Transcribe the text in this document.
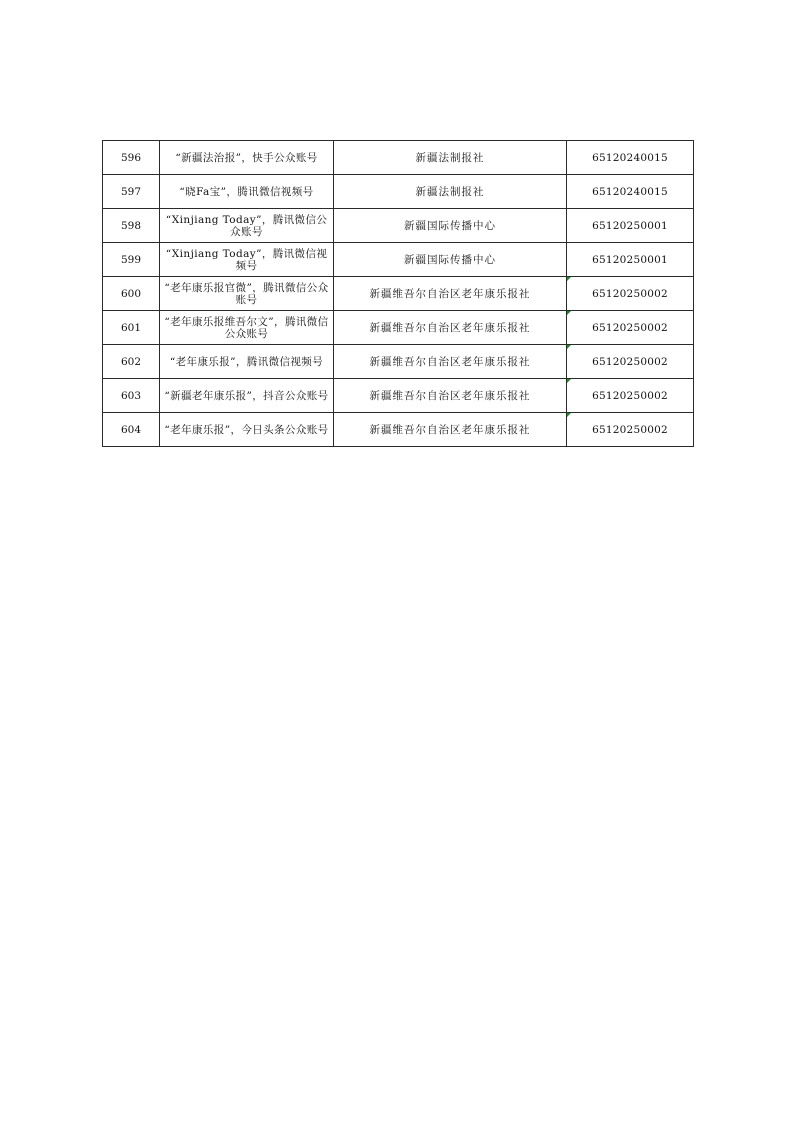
596	“新疆法治报”，快手公众账号	新疆法制报社	65120240015
597	“晓Fa宝”，腾讯微信视频号	新疆法制报社	65120240015
598	“Xinjiang Today”，腾讯微信公众账号	新疆国际传播中心	65120250001
599	“Xinjiang Today”，腾讯微信视频号	新疆国际传播中心	65120250001
600	“老年康乐报官微”，腾讯微信公众账号	新疆维吾尔自治区老年康乐报社	65120250002
601	“老年康乐报维吾尔文”，腾讯微信公众账号	新疆维吾尔自治区老年康乐报社	65120250002
602	“老年康乐报”，腾讯微信视频号	新疆维吾尔自治区老年康乐报社	65120250002
603	“新疆老年康乐报”，抖音公众账号	新疆维吾尔自治区老年康乐报社	65120250002
604	“老年康乐报”，今日头条公众账号	新疆维吾尔自治区老年康乐报社	65120250002
